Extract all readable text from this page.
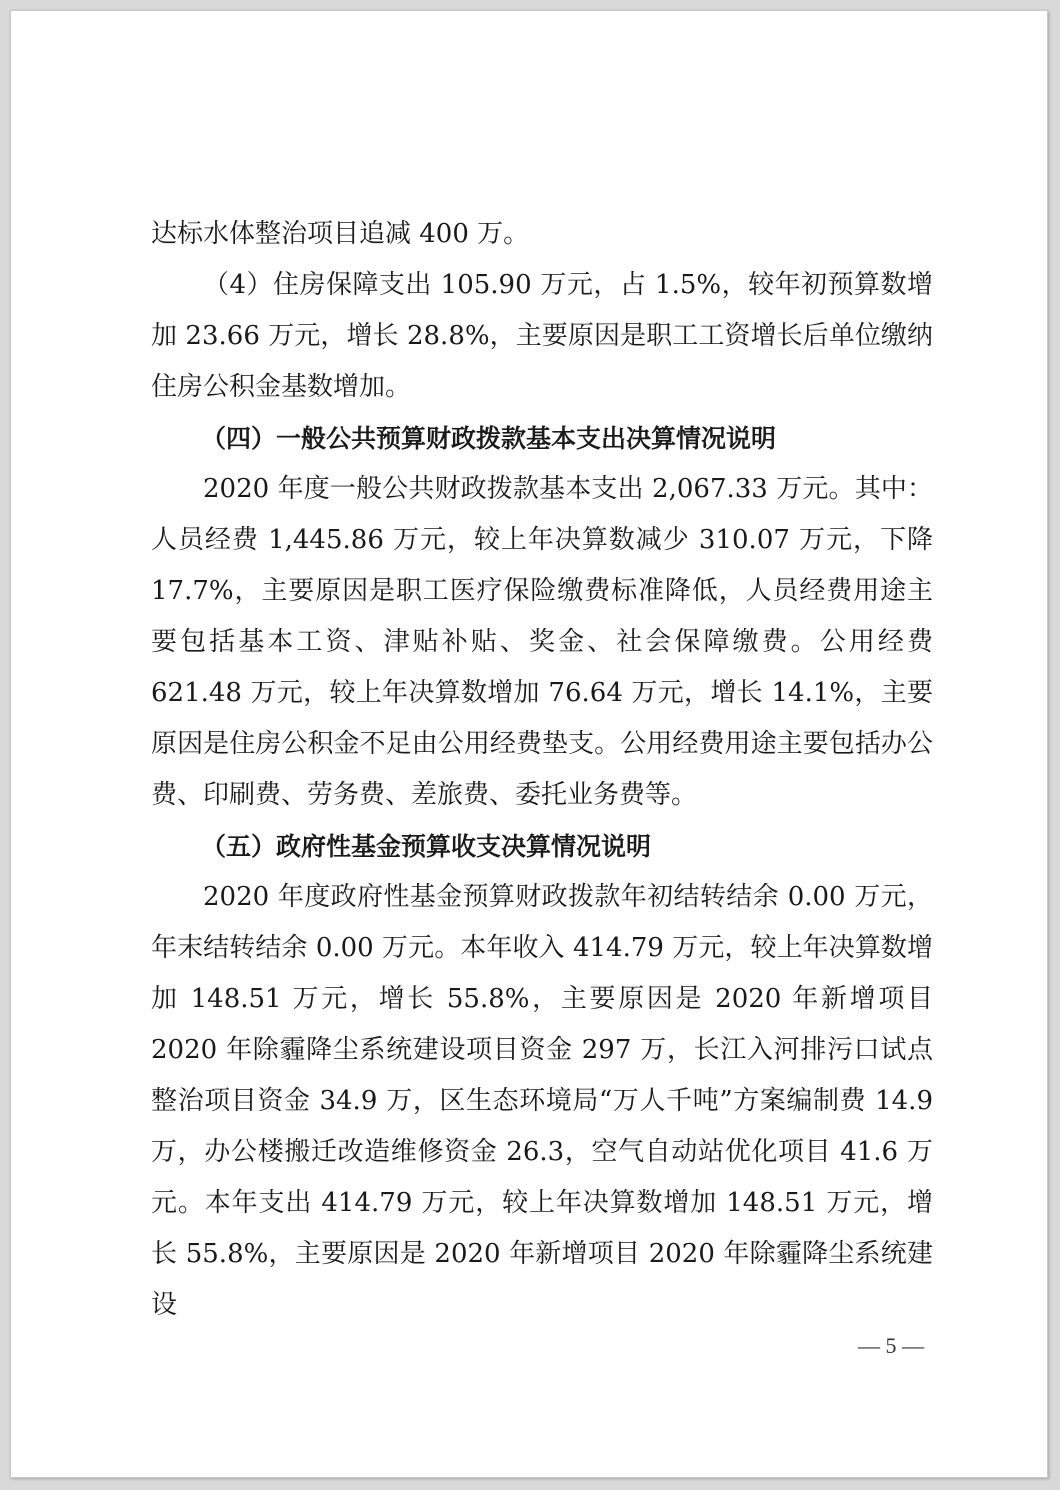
达标水体整治项目追减 400 万。

（4）住房保障支出 105.90 万元，占 1.5%，较年初预算数增加 23.66 万元，增长 28.8%，主要原因是职工工资增长后单位缴纳住房公积金基数增加。

（四）一般公共预算财政拨款基本支出决算情况说明

2020 年度一般公共财政拨款基本支出 2,067.33 万元。其中：人员经费 1,445.86 万元，较上年决算数减少 310.07 万元，下降 17.7%，主要原因是职工医疗保险缴费标准降低，人员经费用途主要包括基本工资、津贴补贴、奖金、社会保障缴费。公用经费 621.48 万元，较上年决算数增加 76.64 万元，增长 14.1%，主要原因是住房公积金不足由公用经费垫支。公用经费用途主要包括办公费、印刷费、劳务费、差旅费、委托业务费等。

（五）政府性基金预算收支决算情况说明

2020 年度政府性基金预算财政拨款年初结转结余 0.00 万元，年末结转结余 0.00 万元。本年收入 414.79 万元，较上年决算数增加 148.51 万元，增长 55.8%，主要原因是 2020 年新增项目 2020 年除霾降尘系统建设项目资金 297 万，长江入河排污口试点整治项目资金 34.9 万，区生态环境局“万人千吨”方案编制费 14.9 万，办公楼搬迁改造维修资金 26.3，空气自动站优化项目 41.6 万元。本年支出 414.79 万元，较上年决算数增加 148.51 万元，增长 55.8%，主要原因是 2020 年新增项目 2020 年除霾降尘系统建设

— 5 —
